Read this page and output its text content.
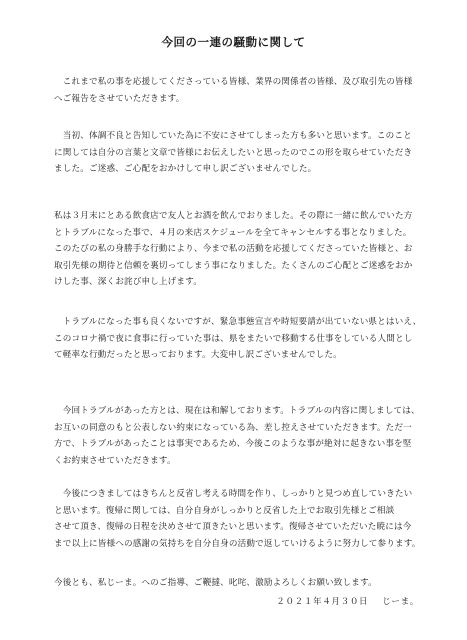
今回の一連の騒動に関して
　これまで私の事を応援してくださっている皆様、業界の関係者の皆様、及び取引先の皆様
へご報告をさせていただきます。
　当初、体調不良と告知していた為に不安にさせてしまった方も多いと思います。このこと
に関しては自分の言葉と文章で皆様にお伝えしたいと思ったのでこの形を取らせていただき
ました。ご迷惑、ご心配をおかけして申し訳ございませんでした。
私は３月末にとある飲食店で友人とお酒を飲んでおりました。その際に一緒に飲んでいた方
とトラブルになった事で、４月の来店スケジュールを全てキャンセルする事となりました。
このたびの私の身勝手な行動により、今まで私の活動を応援してくださっていた皆様と、お
取引先様の期待と信頼を裏切ってしまう事になりました。たくさんのご心配とご迷惑をおか
けした事、深くお詫び申し上げます。
　トラブルになった事も良くないですが、緊急事態宣言や時短要請が出ていない県とはいえ、
このコロナ禍で夜に食事に行っていた事は、県をまたいで移動する仕事をしている人間とし
て軽率な行動だったと思っております。大変申し訳ございませんでした。
　今回トラブルがあった方とは、現在は和解しております。トラブルの内容に関しましては、
お互いの同意のもと公表しない約束になっている為、差し控えさせていただきます。ただ一
方で、トラブルがあったことは事実であるため、今後このような事が絶対に起きない事を堅
くお約束させていただきます。
　今後につきましてはきちんと反省し考える時間を作り、しっかりと見つめ直していきたい
と思います。復帰に関しては、自分自身がしっかりと反省した上でお取引先様とご相談
させて頂き、復帰の日程を決めさせて頂きたいと思います。復帰させていただいた暁には今
まで以上に皆様への感謝の気持ちを自分自身の活動で返していけるように努力して参ります。
今後とも、私じーま。へのご指導、ご鞭撻、叱咤、激励よろしくお願い致します。
２０２１年４月３０日 じーま。
